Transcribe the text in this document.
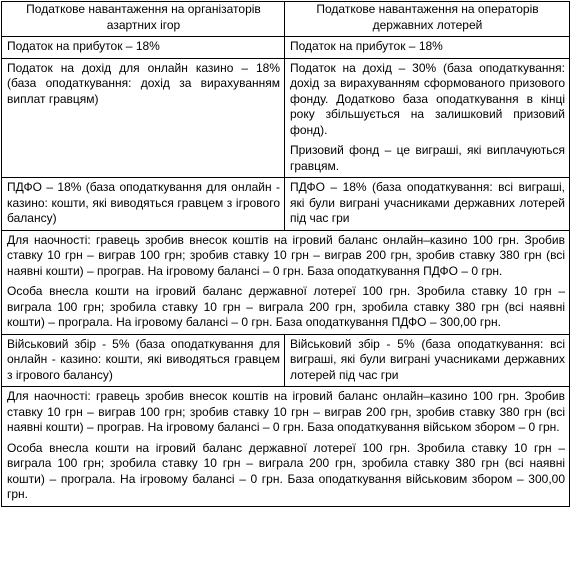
Податкове навантаження на організаторів азартних ігор	Податкове навантаження на операторів державних лотерей
Податок на прибуток – 18%	Податок на прибуток – 18%
Податок на дохід для онлайн казино – 18% (база оподаткування: дохід за вирахуванням виплат гравцям)	Податок на дохід – 30% (база оподаткування: дохід за вирахуванням сформованого призового фонду. Додатково база оподаткування в кінці року збільшується на залишковий призовий фонд).

Призовий фонд – це виграші, які виплачуються гравцям.

ПДФО – 18% (база оподаткування для онлайн - казино: кошти, які виводяться гравцем з ігрового балансу)	ПДФО – 18% (база оподаткування: всі виграші, які були виграні учасниками державних лотерей під час гри

Для наочності: гравець зробив внесок коштів на ігровий баланс онлайн–казино 100 грн. Зробив ставку 10 грн – виграв 100 грн; зробив ставку 10 грн – виграв 200 грн, зробив ставку 380 грн (всі наявні кошти) – програв. На ігровому балансі – 0 грн. База оподаткування ПДФО – 0 грн.

Особа внесла кошти на ігровий баланс державної лотереї 100 грн. Зробила ставку 10 грн – виграла 100 грн; зробила ставку 10 грн – виграла 200 грн, зробила ставку 380 грн (всі наявні кошти) – програла. На ігровому балансі – 0 грн. База оподаткування ПДФО – 300,00 грн.	

Військовий збір - 5% (база оподаткування для онлайн - казино: кошти, які виводяться гравцем з ігрового балансу)	Військовий збір - 5% (база оподаткування: всі виграші, які були виграні учасниками державних лотерей під час гри

Для наочності: гравець зробив внесок коштів на ігровий баланс онлайн–казино 100 грн. Зробив ставку 10 грн – виграв 100 грн; зробив ставку 10 грн – виграв 200 грн, зробив ставку 380 грн (всі наявні кошти) – програв. На ігровому балансі – 0 грн. База оподаткування військом збором – 0 грн.

Особа внесла кошти на ігровий баланс державної лотереї 100 грн. Зробила ставку 10 грн – виграла 100 грн; зробила ставку 10 грн – виграла 200 грн, зробила ставку 380 грн (всі наявні кошти) – програла. На ігровому балансі – 0 грн. База оподаткування військовим збором – 300,00 грн.	
